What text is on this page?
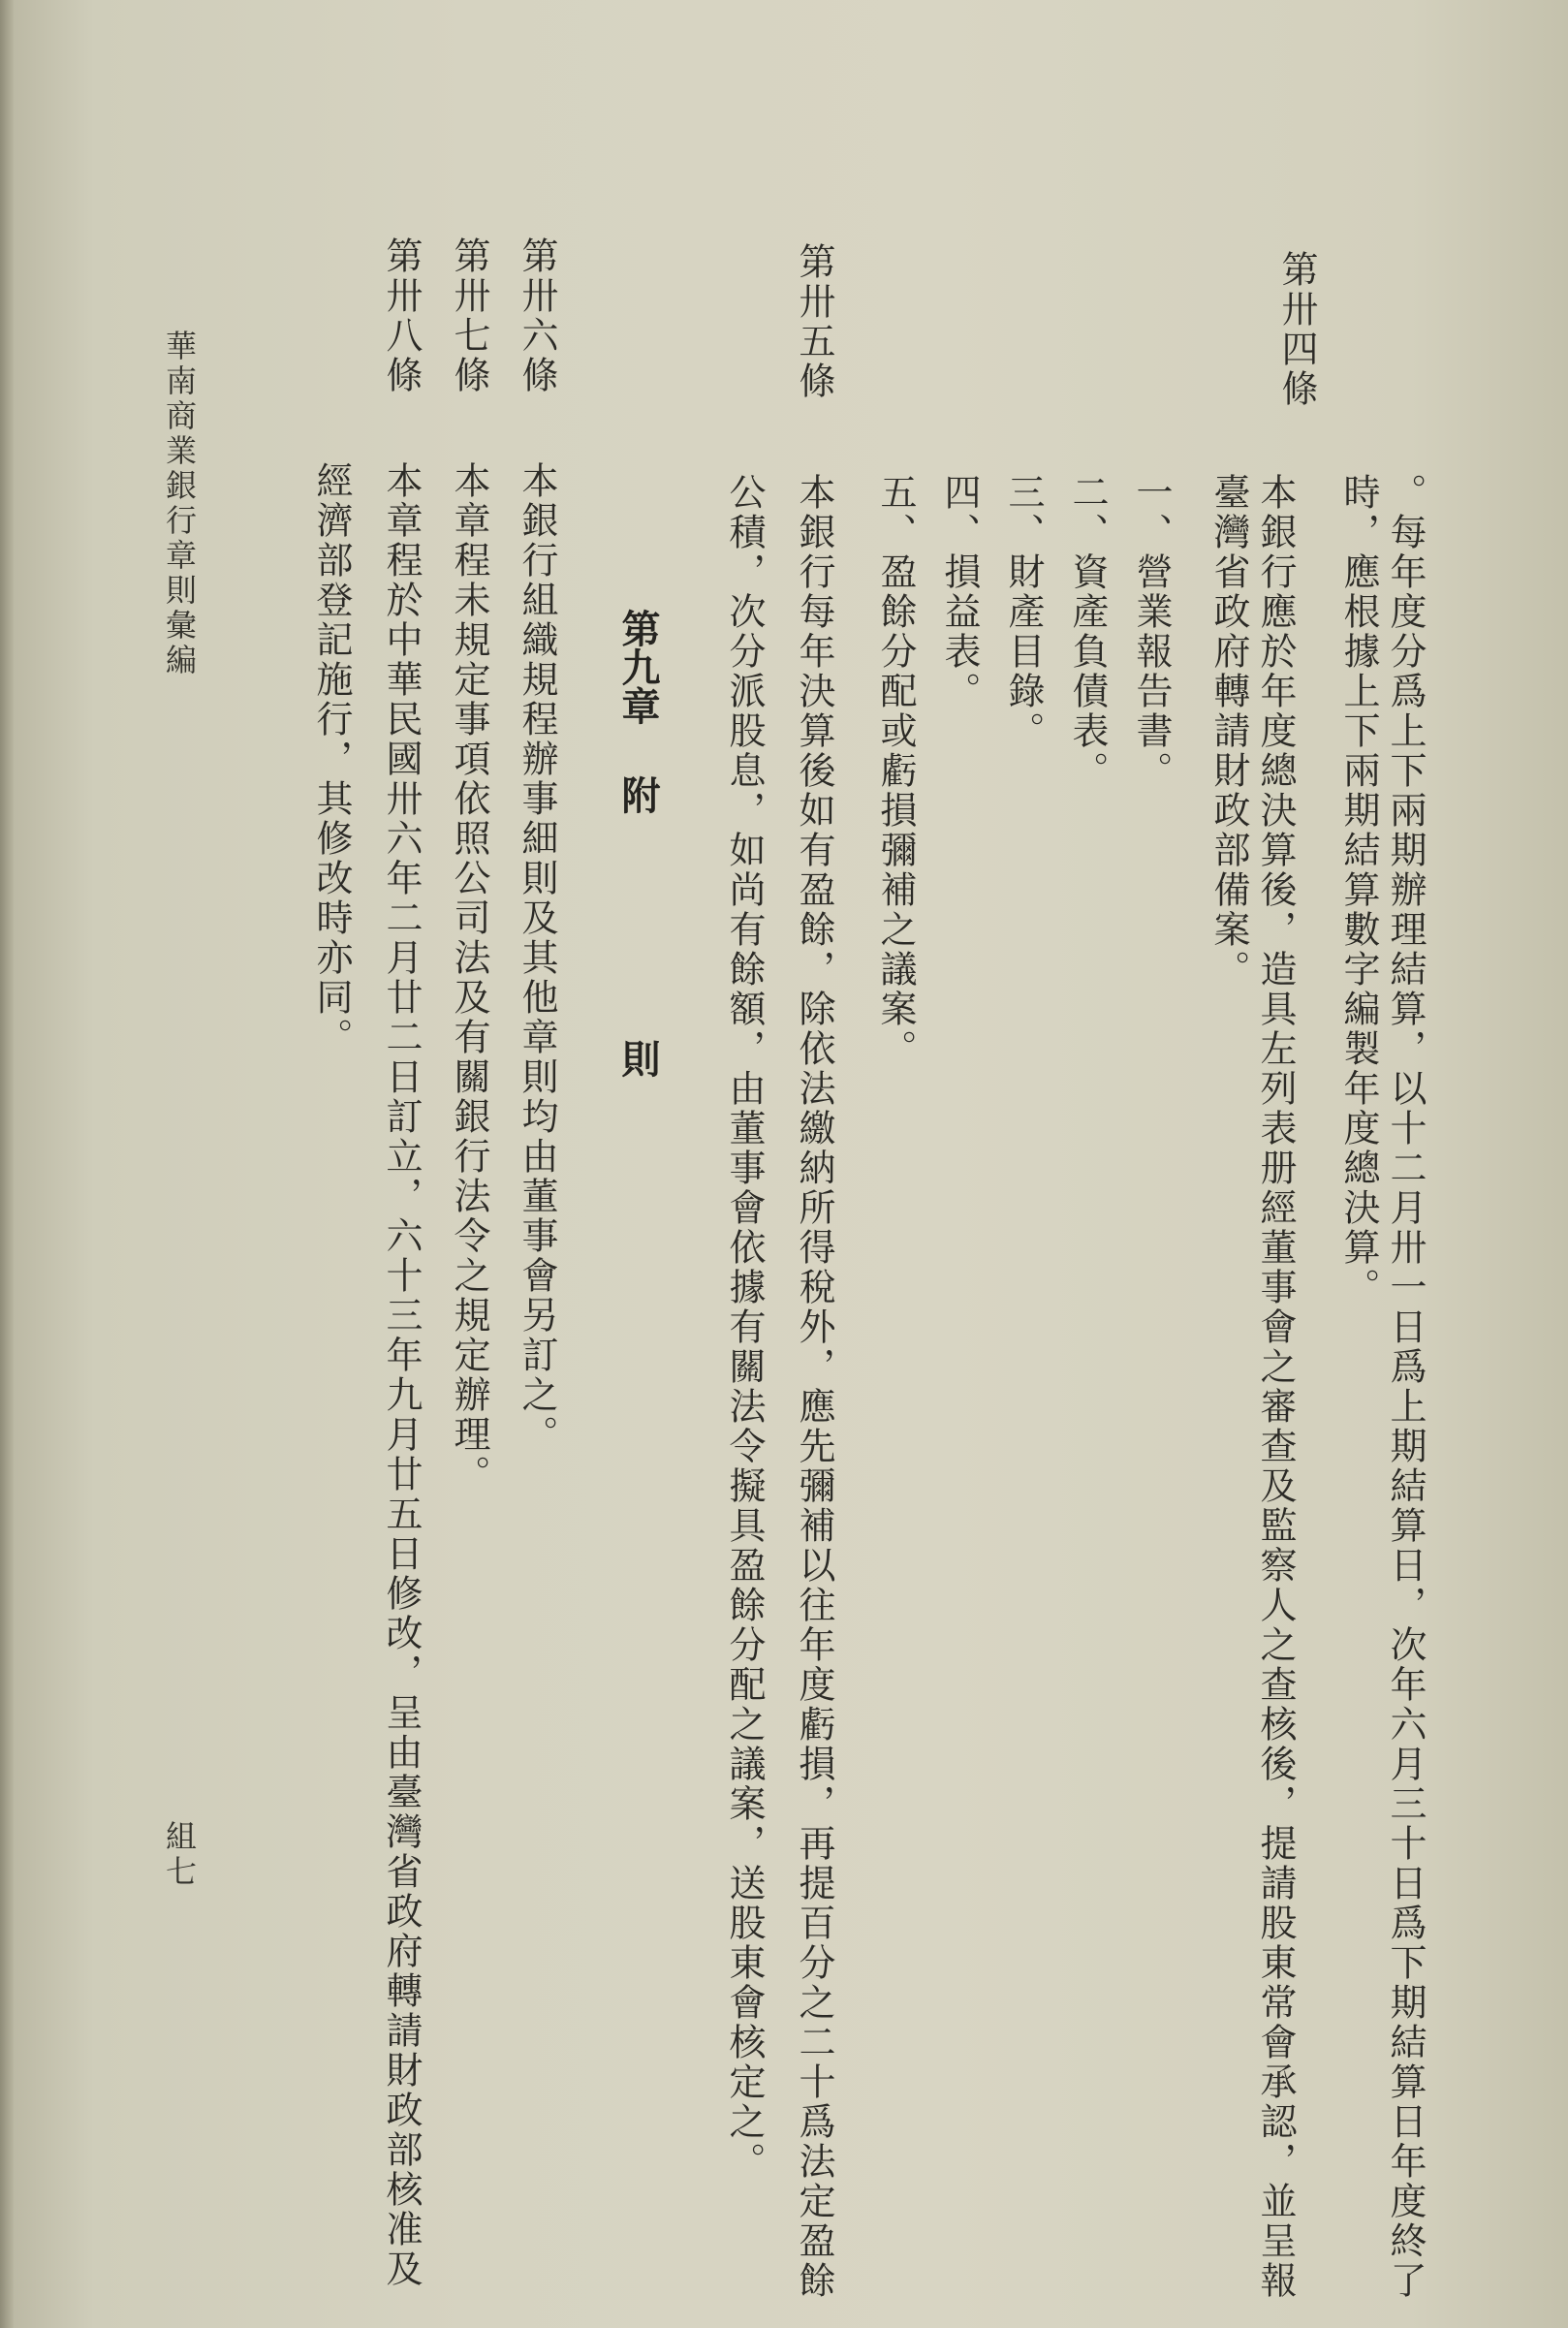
。每年度分爲上下兩期辦理結算，以十二月卅一日爲上期結算日，次年六月三十日爲下期結算日年度終了
時，應根據上下兩期結算數字編製年度總決算。
第卅四條
本銀行應於年度總決算後，造具左列表册經董事會之審查及監察人之查核後，提請股東常會承認，並呈報
臺灣省政府轉請財政部備案。
一、營業報告書。
二、資產負債表。
三、財產目錄。
四、損益表。
五、盈餘分配或虧損彌補之議案。
第卅五條
本銀行每年決算後如有盈餘，除依法繳納所得稅外，應先彌補以往年度虧損，再提百分之二十爲法定盈餘
公積，次分派股息，如尚有餘額，由董事會依據有關法令擬具盈餘分配之議案，送股東會核定之。
第九章
附
則
第卅六條
本銀行組織規程辦事細則及其他章則均由董事會另訂之。
第卅七條
本章程未規定事項依照公司法及有關銀行法令之規定辦理。
第卅八條
本章程於中華民國卅六年二月廿二日訂立，六十三年九月廿五日修改，呈由臺灣省政府轉請財政部核准及
經濟部登記施行，其修改時亦同。
華南商業銀行章則彙編
組七
